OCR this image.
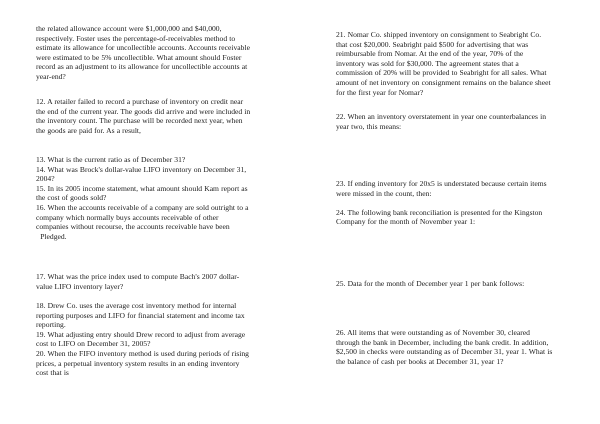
the related allowance account were $1,000,000 and $40,000,
respectively. Foster uses the percentage-of-receivables method to
estimate its allowance for uncollectible accounts. Accounts receivable
were estimated to be 5% uncollectible. What amount should Foster
record as an adjustment to its allowance for uncollectible accounts at
year-end?
12. A retailer failed to record a purchase of inventory on credit near
the end of the current year. The goods did arrive and were included in
the inventory count. The purchase will be recorded next year, when
the goods are paid for. As a result,
13. What is the current ratio as of December 31?
14. What was Brock's dollar-value LIFO inventory on December 31,
2004?
15. In its 2005 income statement, what amount should Kam report as
the cost of goods sold?
16. When the accounts receivable of a company are sold outright to a
company which normally buys accounts receivable of other
companies without recourse, the accounts receivable have been
Pledged.
17. What was the price index used to compute Bach's 2007 dollar-
value LIFO inventory layer?
18. Drew Co. uses the average cost inventory method for internal
reporting purposes and LIFO for financial statement and income tax
reporting.
19. What adjusting entry should Drew record to adjust from average
cost to LIFO on December 31, 2005?
20. When the FIFO inventory method is used during periods of rising
prices, a perpetual inventory system results in an ending inventory
cost that is
21. Nomar Co. shipped inventory on consignment to Seabright Co.
that cost $20,000. Seabright paid $500 for advertising that was
reimbursable from Nomar. At the end of the year, 70% of the
inventory was sold for $30,000. The agreement states that a
commission of 20% will be provided to Seabright for all sales. What
amount of net inventory on consignment remains on the balance sheet
for the first year for Nomar?
22. When an inventory overstatement in year one counterbalances in
year two, this means:
23. If ending inventory for 20x5 is understated because certain items
were missed in the count, then:
24. The following bank reconciliation is presented for the Kingston
Company for the month of November year 1:
25. Data for the month of December year 1 per bank follows:
26. All items that were outstanding as of November 30, cleared
through the bank in December, including the bank credit. In addition,
$2,500 in checks were outstanding as of December 31, year 1. What is
the balance of cash per books at December 31, year 1?
